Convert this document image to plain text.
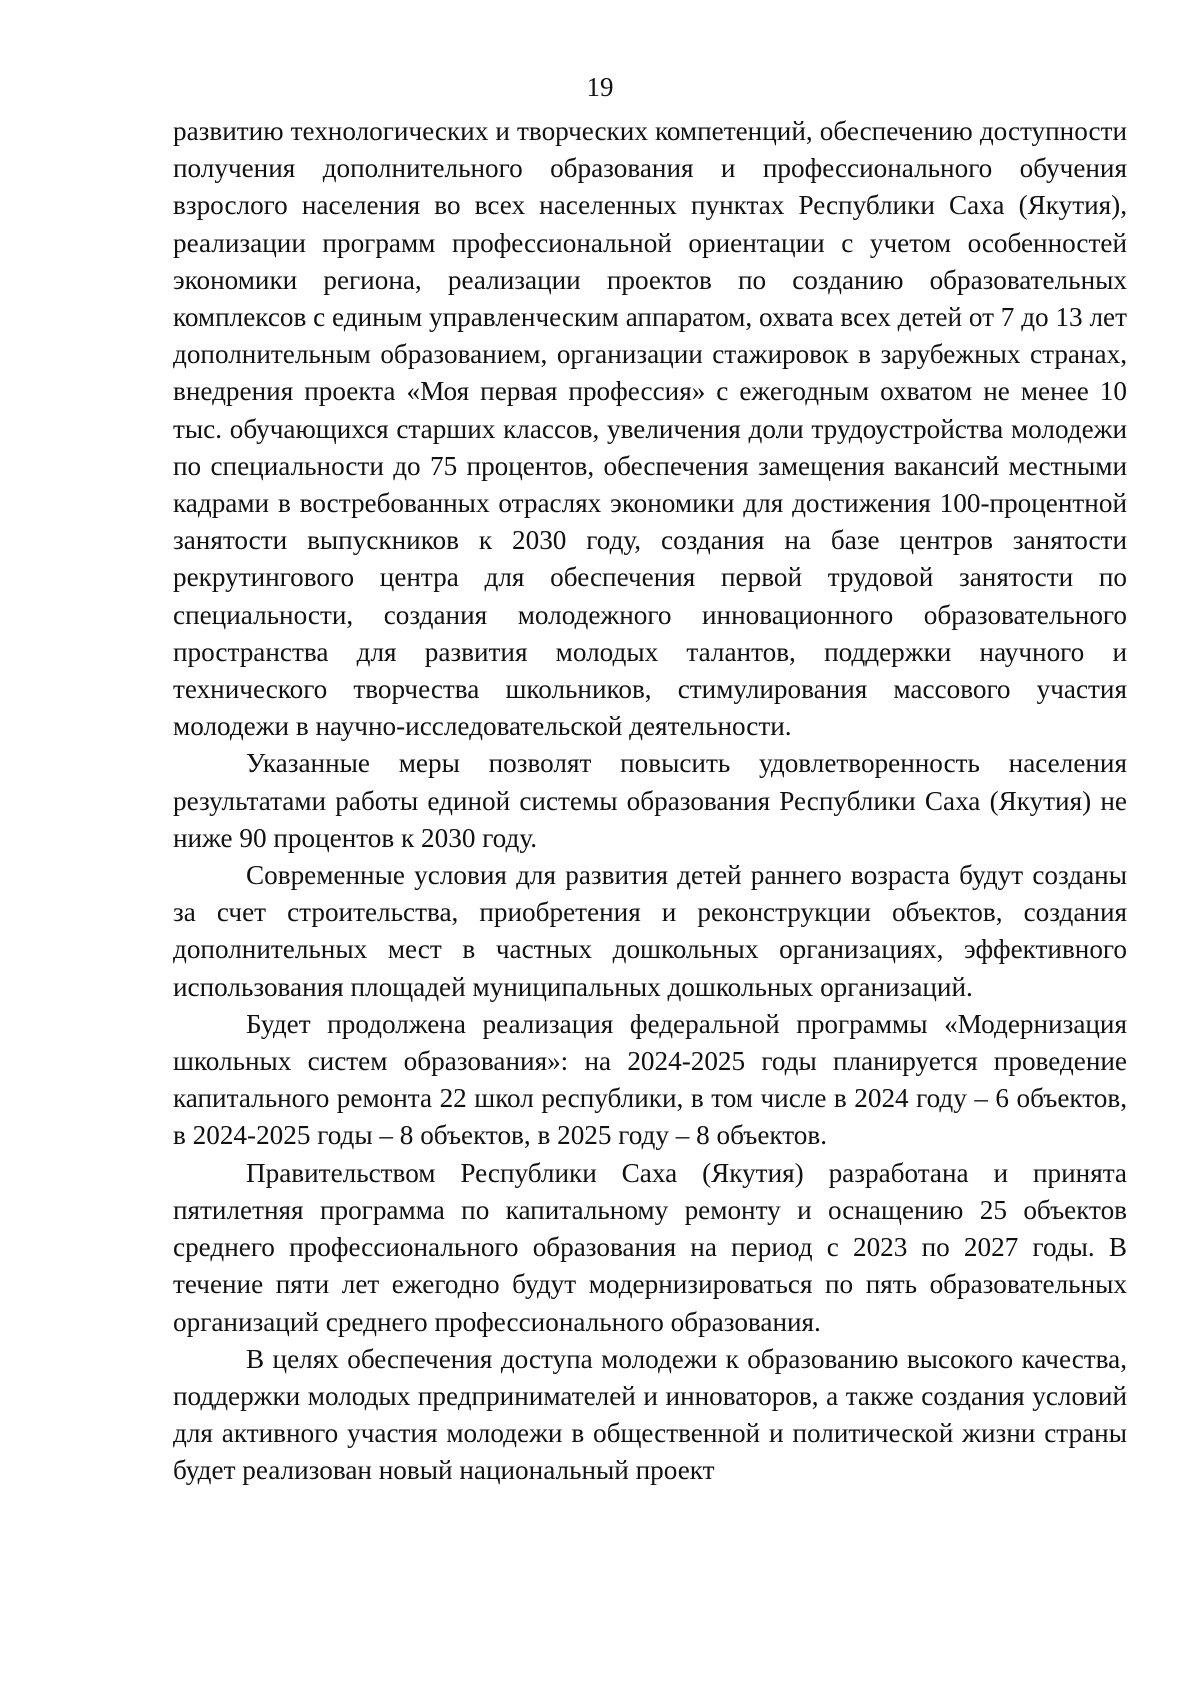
19

развитию технологических и творческих компетенций, обеспечению доступности получения дополнительного образования и профессионального обучения взрослого населения во всех населенных пунктах Республики Саха (Якутия), реализации программ профессиональной ориентации с учетом особенностей экономики региона, реализации проектов по созданию образовательных комплексов с единым управленческим аппаратом, охвата всех детей от 7 до 13 лет дополнительным образованием, организации стажировок в зарубежных странах, внедрения проекта «Моя первая профессия» с ежегодным охватом не менее 10 тыс. обучающихся старших классов, увеличения доли трудоустройства молодежи по специальности до 75 процентов, обеспечения замещения вакансий местными кадрами в востребованных отраслях экономики для достижения 100-процентной занятости выпускников к 2030 году, создания на базе центров занятости рекрутингового центра для обеспечения первой трудовой занятости по специальности, создания молодежного инновационного образовательного пространства для развития молодых талантов, поддержки научного и технического творчества школьников, стимулирования массового участия молодежи в научно-исследовательской деятельности.

Указанные меры позволят повысить удовлетворенность населения результатами работы единой системы образования Республики Саха (Якутия) не ниже 90 процентов к 2030 году.

Современные условия для развития детей раннего возраста будут созданы за счет строительства, приобретения и реконструкции объектов, создания дополнительных мест в частных дошкольных организациях, эффективного использования площадей муниципальных дошкольных организаций.

Будет продолжена реализация федеральной программы «Модернизация школьных систем образования»: на 2024-2025 годы планируется проведение капитального ремонта 22 школ республики, в том числе в 2024 году – 6 объектов, в 2024-2025 годы – 8 объектов, в 2025 году – 8 объектов.

Правительством Республики Саха (Якутия) разработана и принята пятилетняя программа по капитальному ремонту и оснащению 25 объектов среднего профессионального образования на период с 2023 по 2027 годы. В течение пяти лет ежегодно будут модернизироваться по пять образовательных организаций среднего профессионального образования.

В целях обеспечения доступа молодежи к образованию высокого качества, поддержки молодых предпринимателей и инноваторов, а также создания условий для активного участия молодежи в общественной и политической жизни страны будет реализован новый национальный проект
